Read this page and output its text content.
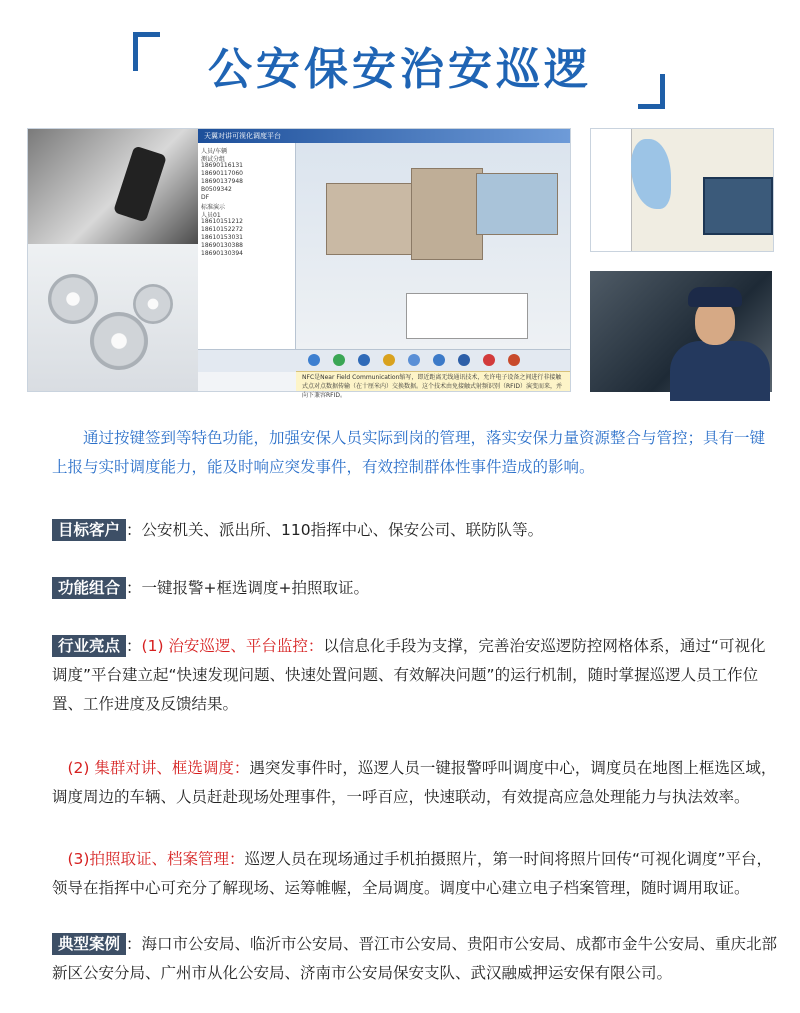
公安保安治安巡逻
天翼对讲可视化调度平台
人员/车辆
测试分组
18690116131
18690117060
18690137948
B0509342
DF
标准演示
人员01
18610151212
18610152272
18610153031
18690130388
18690130394
NFC是Near Field Communication缩写，即近距离无线通讯技术，允许电子设备之间进行非接触式点对点数据传输（在十厘米内）交换数据。这个技术由免接触式射频识别（RFID）演变而来，并向下兼容RFID。
通过按键签到等特色功能，加强安保人员实际到岗的管理，落实安保力量资源整合与管控；具有一键上报与实时调度能力，能及时响应突发事件，有效控制群体性事件造成的影响。
目标客户 ：公安机关、派出所、110指挥中心、保安公司、联防队等。
功能组合 ：一键报警+框选调度+拍照取证。
行业亮点 ：(1) 治安巡逻、平台监控：以信息化手段为支撑，完善治安巡逻防控网格体系，通过“可视化调度”平台建立起“快速发现问题、快速处置问题、有效解决问题”的运行机制，随时掌握巡逻人员工作位置、工作进度及反馈结果。
(2) 集群对讲、框选调度：遇突发事件时，巡逻人员一键报警呼叫调度中心，调度员在地图上框选区域，调度周边的车辆、人员赶赴现场处理事件，一呼百应，快速联动，有效提高应急处理能力与执法效率。
(3)拍照取证、档案管理：巡逻人员在现场通过手机拍摄照片，第一时间将照片回传“可视化调度”平台，领导在指挥中心可充分了解现场、运筹帷幄，全局调度。调度中心建立电子档案管理，随时调用取证。
典型案例 ：海口市公安局、临沂市公安局、晋江市公安局、贵阳市公安局、成都市金牛公安局、重庆北部新区公安分局、广州市从化公安局、济南市公安局保安支队、武汉融威押运安保有限公司。
